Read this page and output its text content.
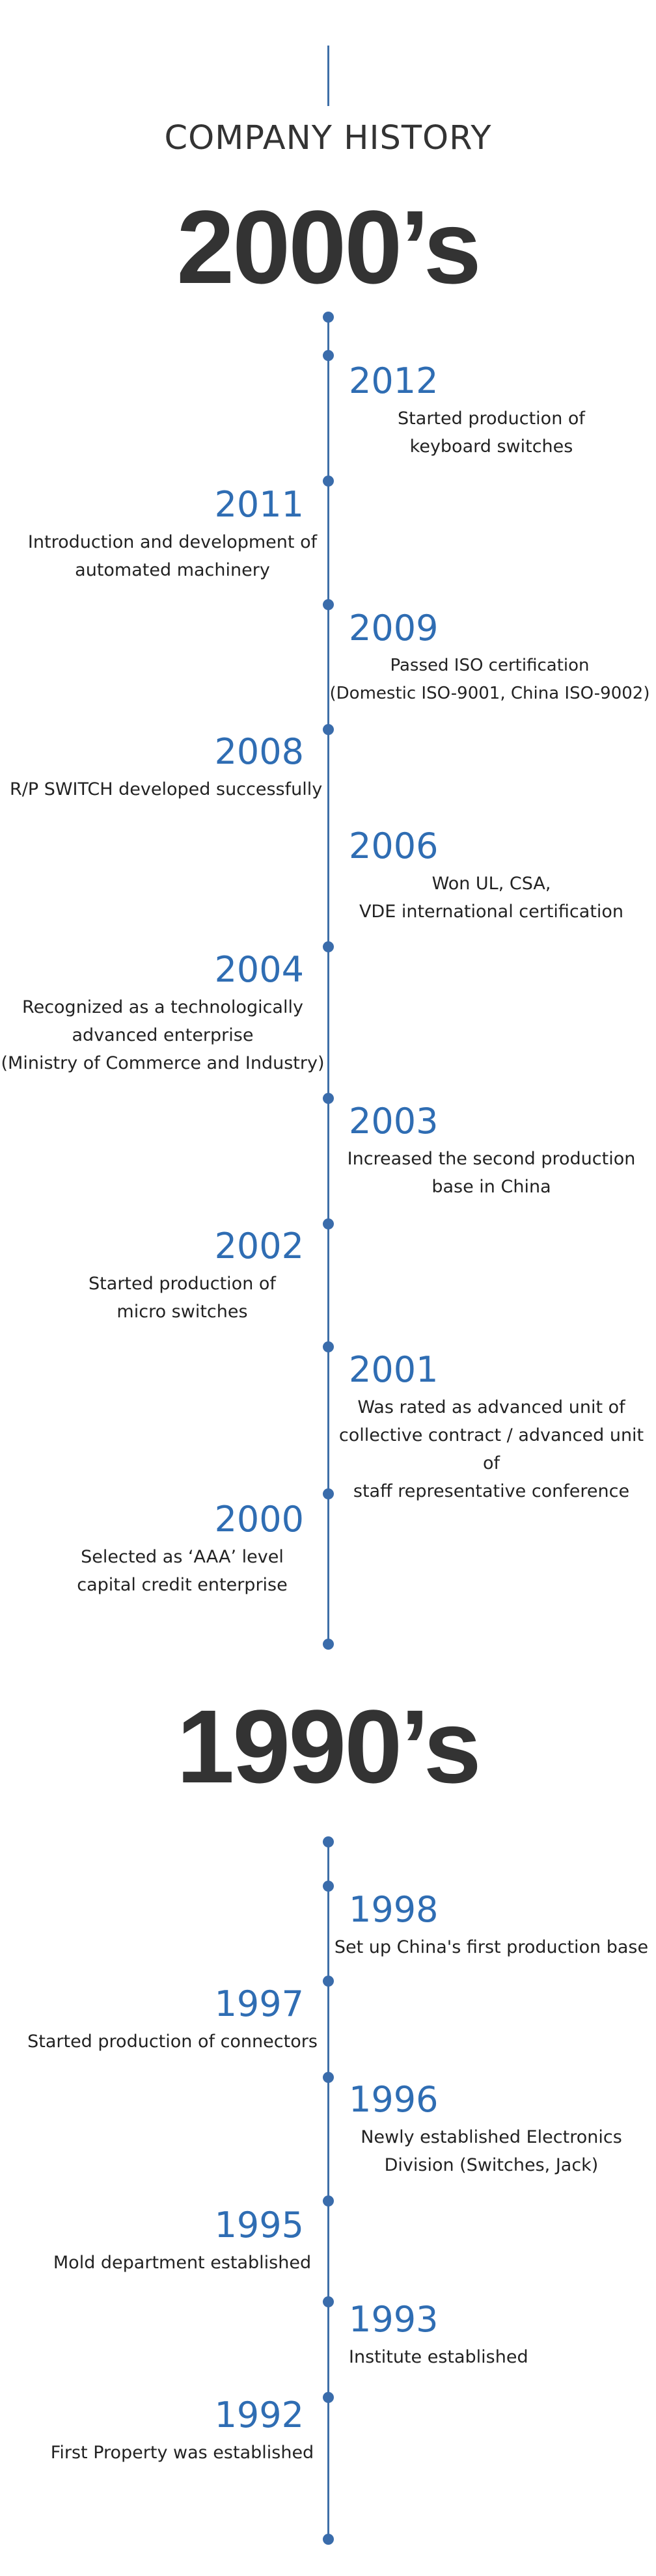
COMPANY HISTORY
2000’s
2012
Started production of
keyboard switches
2011
Introduction and development of
automated machinery
2009
Passed ISO certification
(Domestic ISO-9001, China ISO-9002)
2008
R/P SWITCH developed successfully
2006
Won UL, CSA,
VDE international certification
2004
Recognized as a technologically
advanced enterprise
(Ministry of Commerce and Industry)
2003
Increased the second production
base in China
2002
Started production of
micro switches
2001
Was rated as advanced unit of
collective contract / advanced unit of
staff representative conference
2000
Selected as ‘AAA’ level
capital credit enterprise
1990’s
1998
Set up China's first production base
1997
Started production of connectors
1996
Newly established Electronics
Division (Switches, Jack)
1995
Mold department established
1993
Institute established
1992
First Property was established
